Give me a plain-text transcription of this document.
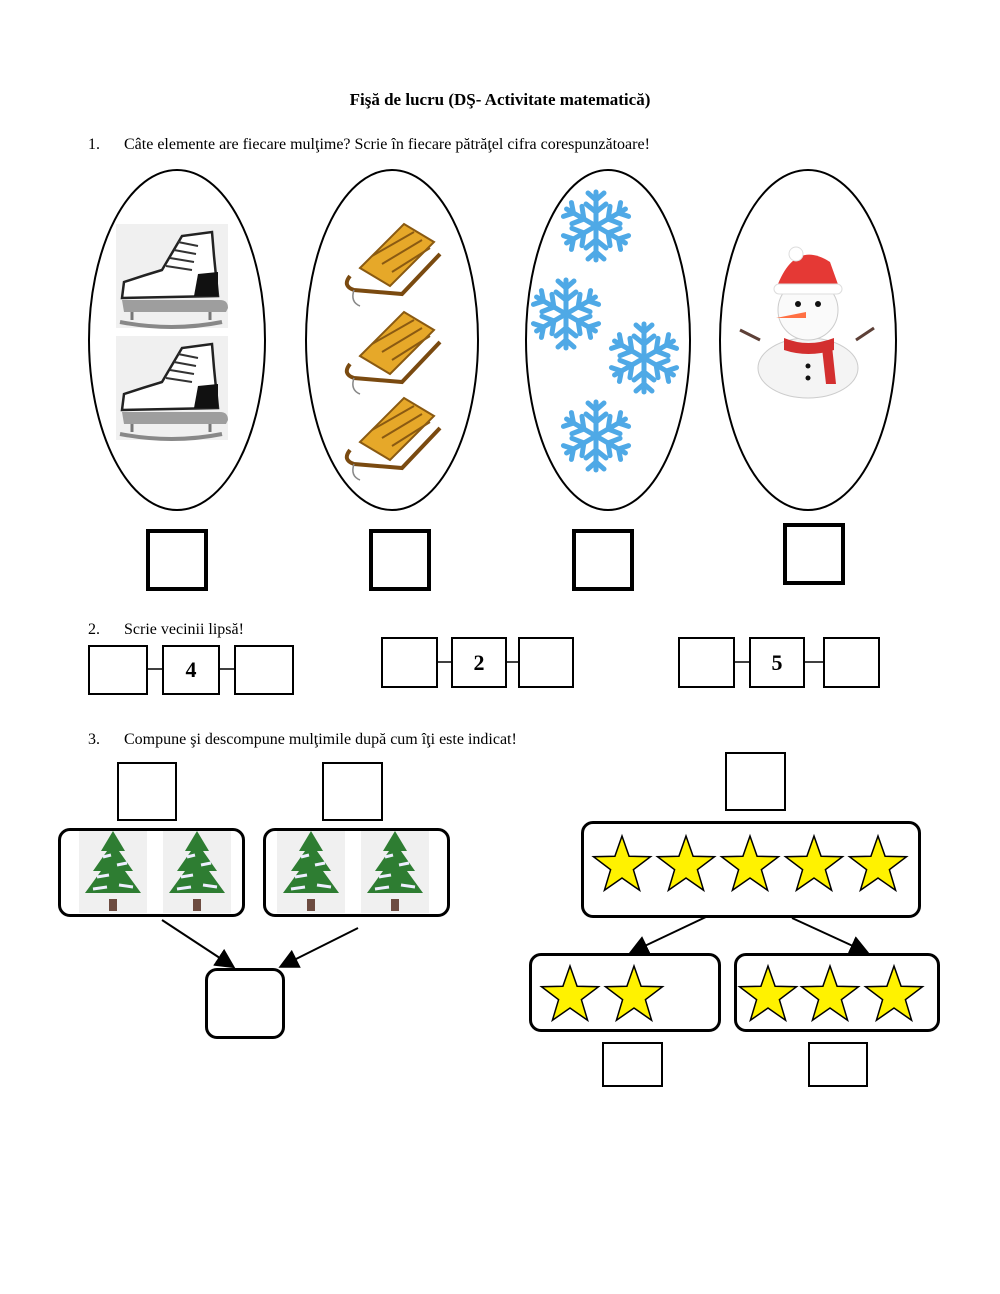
Fişă de lucru (DŞ- Activitate matematică)
1. Câte elemente are fiecare mulţime? Scrie în fiecare pătrăţel cifra corespunzătoare!
2. Scrie vecinii lipsă!
4	2	5
3. Compune şi descompune mulţimile după cum îţi este indicat!
